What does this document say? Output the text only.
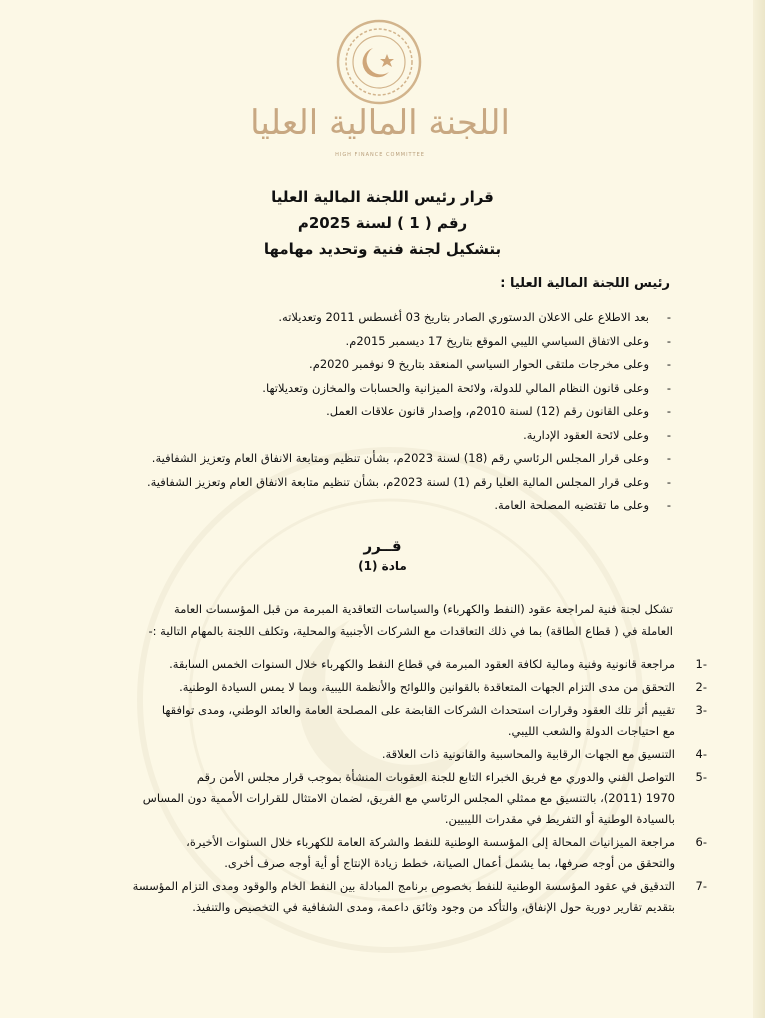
اللجنة المالية العليا
HIGH FINANCE COMMITTEE
قرار رئيس اللجنة المالية العليا
رقم ( 1 ) لسنة 2025م
بتشكيل لجنة فنية وتحديد مهامها
رئيس اللجنة المالية العليا :
- بعد الاطلاع على الاعلان الدستوري الصادر بتاريخ 03 أغسطس 2011 وتعديلاته.
- وعلى الاتفاق السياسي الليبي الموقع بتاريخ 17 ديسمبر 2015م.
- وعلى مخرجات ملتقى الحوار السياسي المنعقد بتاريخ 9 نوفمبر 2020م.
- وعلى قانون النظام المالي للدولة، ولائحة الميزانية والحسابات والمخازن وتعديلاتها.
- وعلى القانون رقم (12) لسنة 2010م، وإصدار قانون علاقات العمل.
- وعلى لائحة العقود الإدارية.
- وعلى قرار المجلس الرئاسي رقم (18) لسنة 2023م، بشأن تنظيم ومتابعة الانفاق العام وتعزيز الشفافية.
- وعلى قرار المجلس المالية العليا رقم (1) لسنة 2023م، بشأن تنظيم متابعة الانفاق العام وتعزيز الشفافية.
- وعلى ما تقتضيه المصلحة العامة.
قــرر
مادة (1)
تشكل لجنة فنية لمراجعة عقود (النفط والكهرباء) والسياسات التعاقدية المبرمة من قبل المؤسسات العامة
العاملة في ( قطاع الطاقة) بما في ذلك التعاقدات مع الشركات الأجنبية والمحلية، وتكلف اللجنة بالمهام التالية :-
1-
مراجعة قانونية وفنية ومالية لكافة العقود المبرمة في قطاع النفط والكهرباء خلال السنوات الخمس السابقة.
2-
التحقق من مدى التزام الجهات المتعاقدة بالقوانين واللوائح والأنظمة الليبية، وبما لا يمس السيادة الوطنية.
3-
تقييم أثر تلك العقود وقرارات استحداث الشركات القابضة على المصلحة العامة والعائد الوطني، ومدى توافقها
مع احتياجات الدولة والشعب الليبي.
4-
التنسيق مع الجهات الرقابية والمحاسبية والقانونية ذات العلاقة.
5-
التواصل الفني والدوري مع فريق الخبراء التابع للجنة العقوبات المنشأة بموجب قرار مجلس الأمن رقم
1970 (2011)، بالتنسيق مع ممثلي المجلس الرئاسي مع الفريق، لضمان الامتثال للقرارات الأممية دون المساس
بالسيادة الوطنية أو التفريط في مقدرات الليبيين.
6-
مراجعة الميزانيات المحالة إلى المؤسسة الوطنية للنفط والشركة العامة للكهرباء خلال السنوات الأخيرة،
والتحقق من أوجه صرفها، بما يشمل أعمال الصيانة، خطط زيادة الإنتاج أو أية أوجه صرف أخرى.
7-
التدقيق في عقود المؤسسة الوطنية للنفط بخصوص برنامج المبادلة بين النفط الخام والوقود ومدى التزام المؤسسة
بتقديم تقارير دورية حول الإنفاق، والتأكد من وجود وثائق داعمة، ومدى الشفافية في التخصيص والتنفيذ.
